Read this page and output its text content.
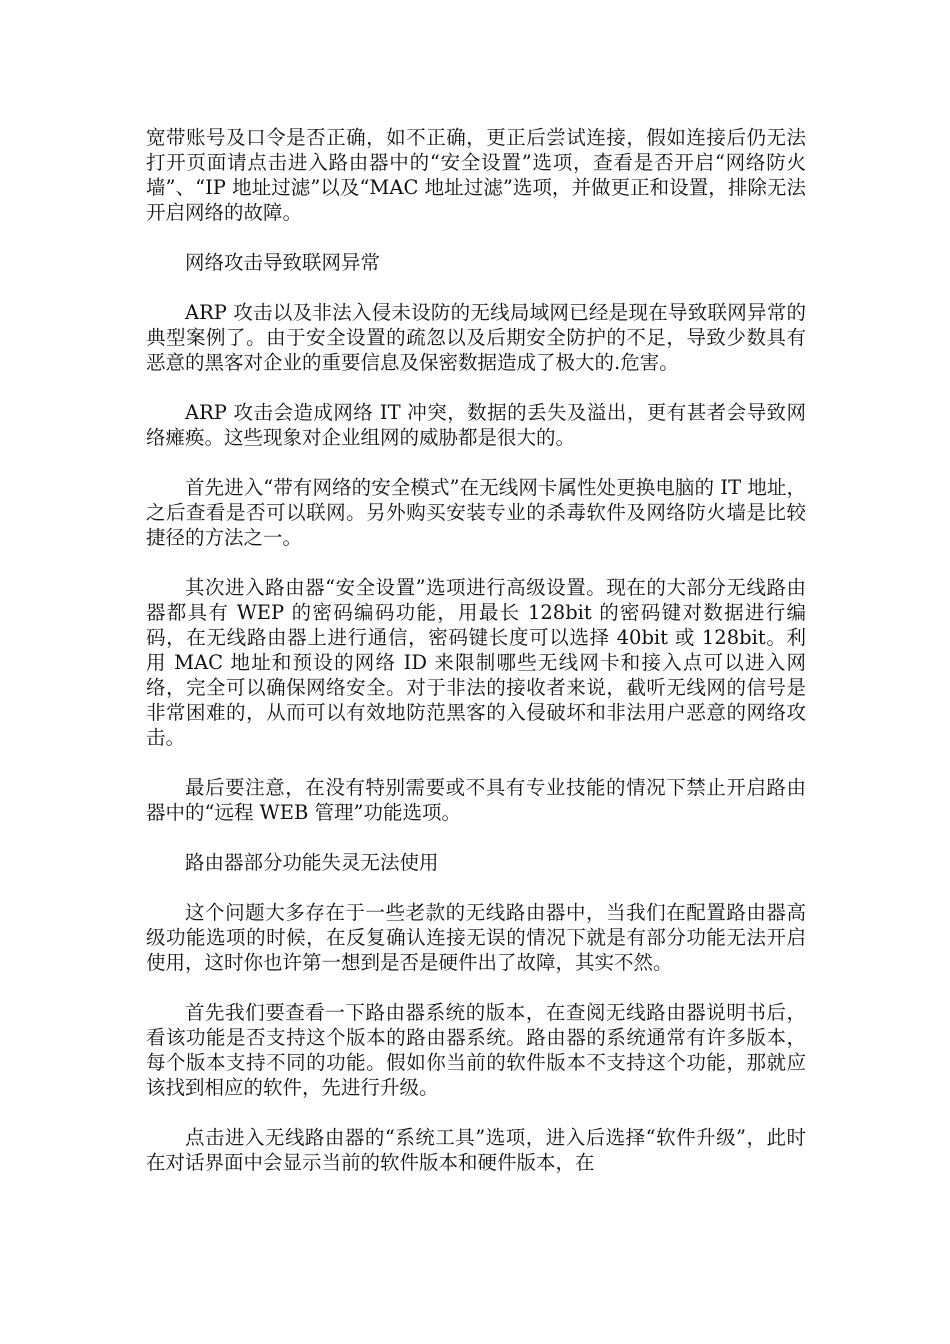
宽带账号及口令是否正确，如不正确，更正后尝试连接，假如连接后仍无法打开页面请点击进入路由器中的“安全设置”选项，查看是否开启“网络防火墙”、“IP 地址过滤”以及“MAC 地址过滤”选项，并做更正和设置，排除无法开启网络的故障。

网络攻击导致联网异常

ARP 攻击以及非法入侵未设防的无线局域网已经是现在导致联网异常的典型案例了。由于安全设置的疏忽以及后期安全防护的不足，导致少数具有恶意的黑客对企业的重要信息及保密数据造成了极大的.危害。

ARP 攻击会造成网络 IT 冲突，数据的丢失及溢出，更有甚者会导致网络瘫痪。这些现象对企业组网的威胁都是很大的。

首先进入“带有网络的安全模式”在无线网卡属性处更换电脑的 IT 地址，之后查看是否可以联网。另外购买安装专业的杀毒软件及网络防火墙是比较捷径的方法之一。

其次进入路由器“安全设置”选项进行高级设置。现在的大部分无线路由器都具有 WEP 的密码编码功能，用最长 128bit 的密码键对数据进行编码，在无线路由器上进行通信，密码键长度可以选择 40bit 或 128bit。利用 MAC 地址和预设的网络 ID 来限制哪些无线网卡和接入点可以进入网络，完全可以确保网络安全。对于非法的接收者来说，截听无线网的信号是非常困难的，从而可以有效地防范黑客的入侵破坏和非法用户恶意的网络攻击。

最后要注意，在没有特别需要或不具有专业技能的情况下禁止开启路由器中的“远程 WEB 管理”功能选项。

路由器部分功能失灵无法使用

这个问题大多存在于一些老款的无线路由器中，当我们在配置路由器高级功能选项的时候，在反复确认连接无误的情况下就是有部分功能无法开启使用，这时你也许第一想到是否是硬件出了故障，其实不然。

首先我们要查看一下路由器系统的版本，在查阅无线路由器说明书后，看该功能是否支持这个版本的路由器系统。路由器的系统通常有许多版本，每个版本支持不同的功能。假如你当前的软件版本不支持这个功能，那就应该找到相应的软件，先进行升级。

点击进入无线路由器的“系统工具”选项，进入后选择“软件升级”，此时在对话界面中会显示当前的软件版本和硬件版本，在
